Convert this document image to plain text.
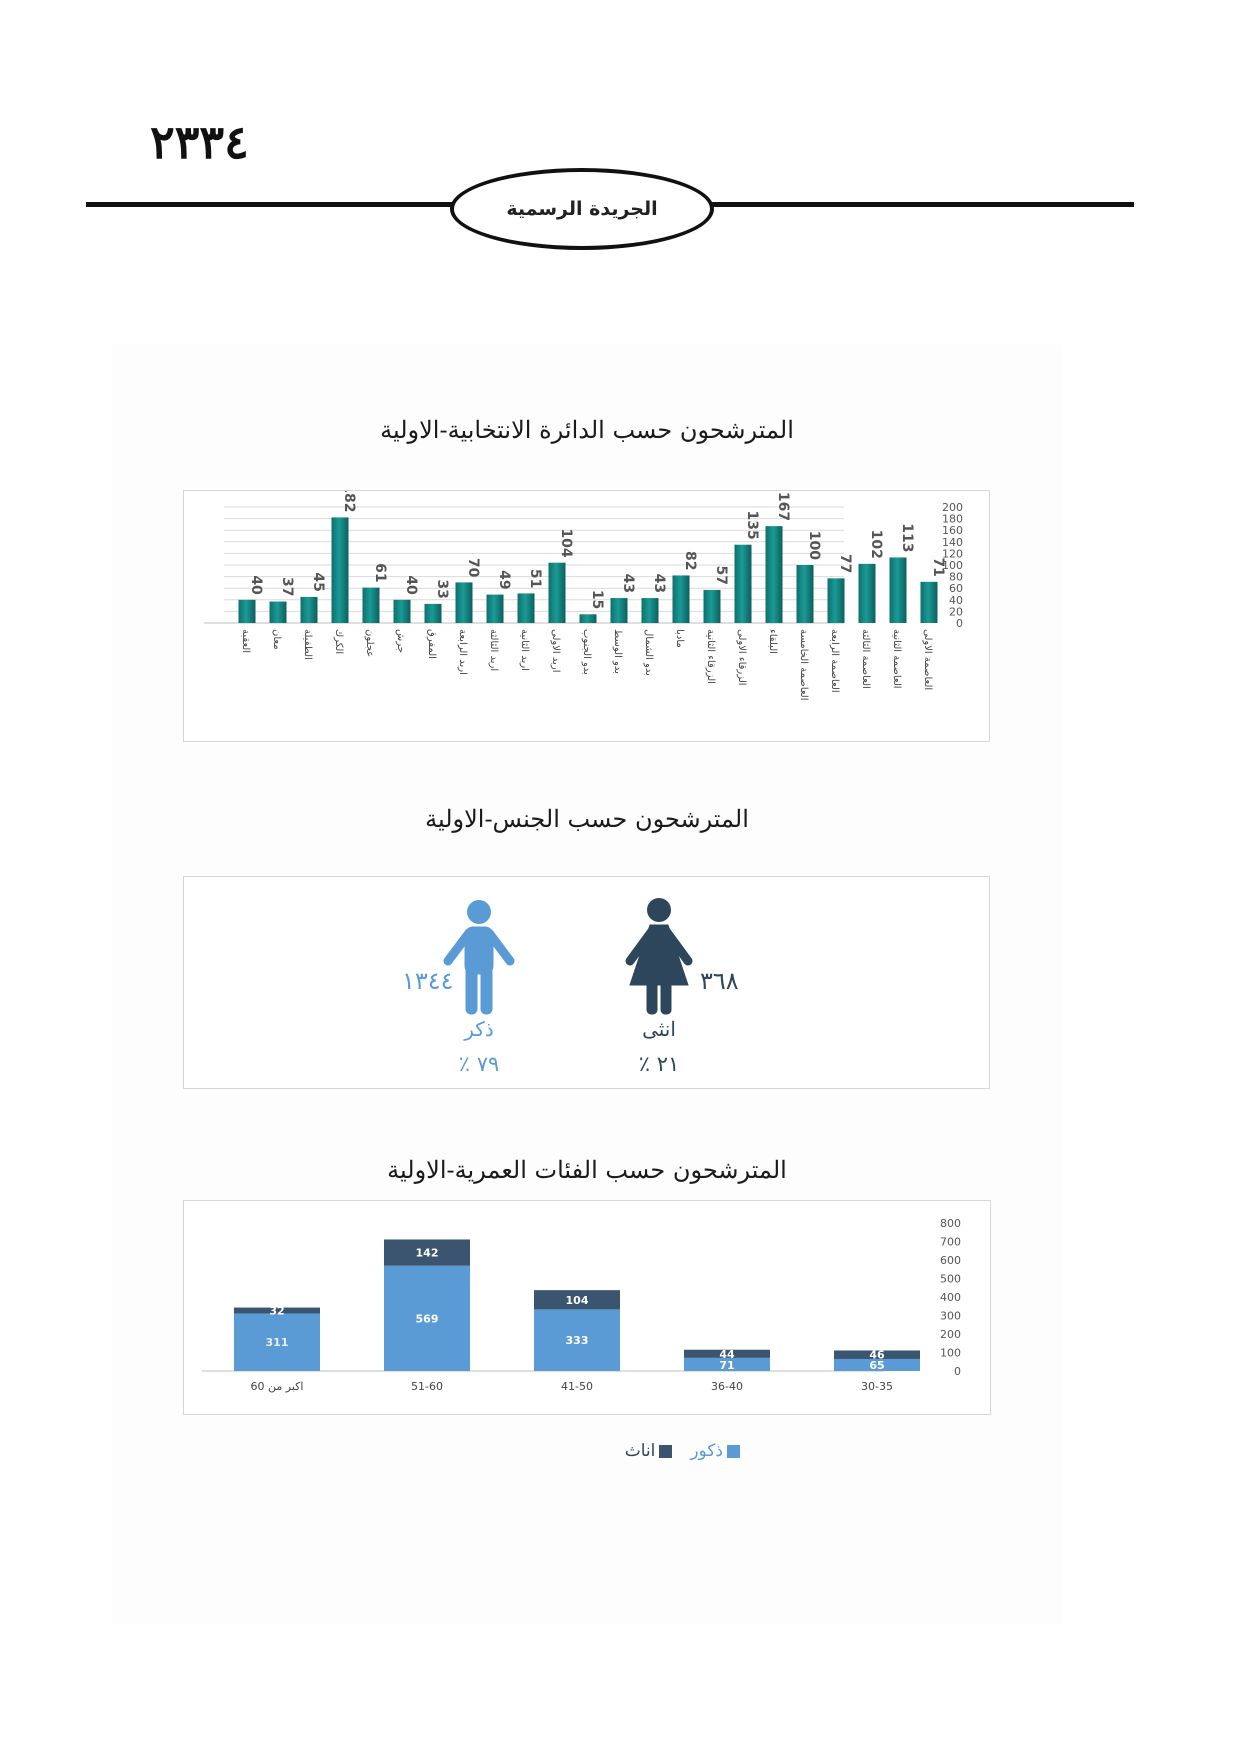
٢٣٣٤
الجريدة الرسمية
المترشحون حسب الدائرة الانتخابية-الاولية
0
20
40
60
80
100
120
140
160
180
200
40
العقبة
37
معان
45
الطفيلة
182
الكرك
61
عجلون
40
جرش
33
المفرق
70
اربد الرابعة
49
اربد الثالثة
51
اربد الثانية
104
اربد الاولى
15
بدو الجنوب
43
بدو الوسط
43
بدو الشمال
82
مادبا
57
الزرقاء الثانية
135
الزرقاء الاولى
167
البلقاء
100
العاصمة الخامسة
77
العاصمة الرابعة
102
العاصمة الثالثة
113
العاصمة الثانية
71
العاصمة الاولى
المترشحون حسب الجنس-الاولية
١٣٤٤	٣٦٨
ذكر	انثى
٧٩ ٪	٢١ ٪
المترشحون حسب الفئات العمرية-الاولية
0
100
200
300
400
500
600
700
800
311
32
اكبر من 60
569
142
51-60
333
104
41-50
71
44
36-40
65
46
30-35
ذكور
اناث
